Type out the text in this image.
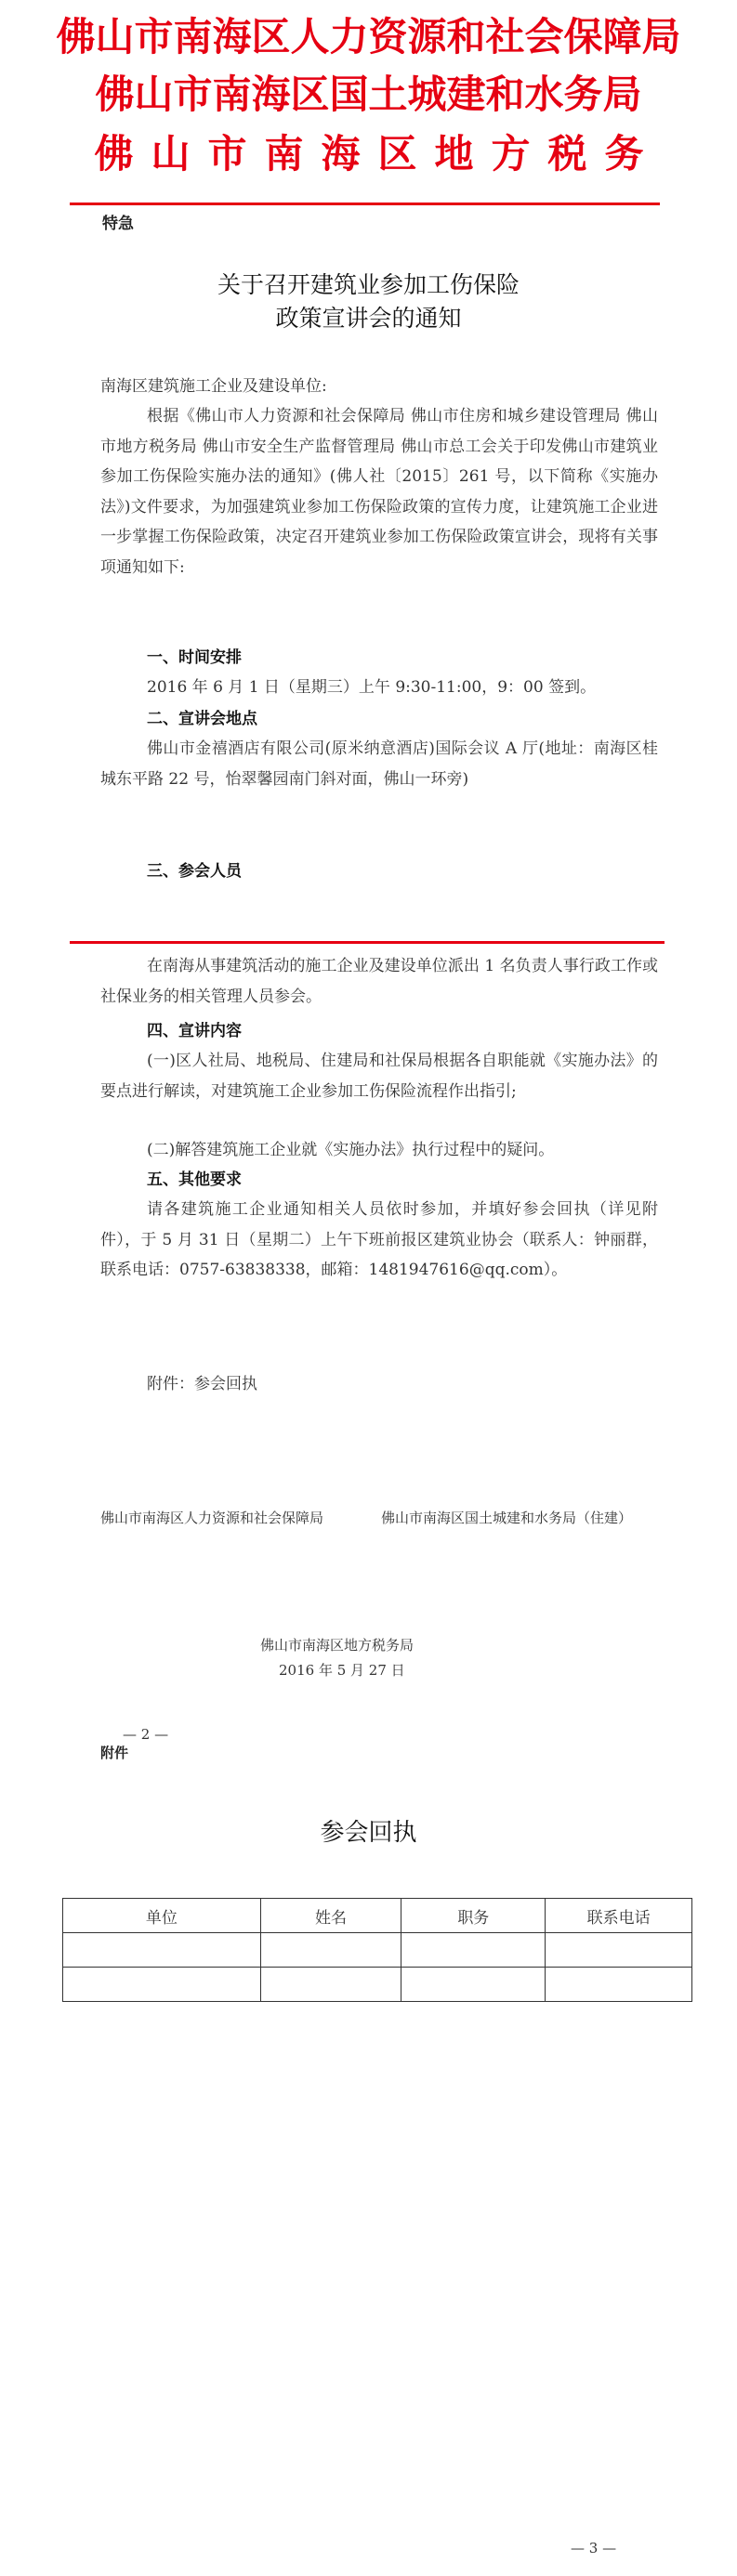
佛山市南海区人力资源和社会保障局
佛山市南海区国土城建和水务局
佛山市南海区地方税务
特急
关于召开建筑业参加工伤保险
政策宣讲会的通知
南海区建筑施工企业及建设单位:
根据《佛山市人力资源和社会保障局 佛山市住房和城乡建设管理局 佛山市地方税务局 佛山市安全生产监督管理局 佛山市总工会关于印发佛山市建筑业参加工伤保险实施办法的通知》(佛人社〔2015〕261 号，以下简称《实施办法》)文件要求，为加强建筑业参加工伤保险政策的宣传力度，让建筑施工企业进一步掌握工伤保险政策，决定召开建筑业参加工伤保险政策宣讲会，现将有关事项通知如下:
一、时间安排
2016 年 6 月 1 日（星期三）上午 9:30-11:00，9：00 签到。
二、宣讲会地点
佛山市金禧酒店有限公司(原米纳意酒店)国际会议 A 厅(地址：南海区桂城东平路 22 号，怡翠馨园南门斜对面，佛山一环旁)
三、参会人员
在南海从事建筑活动的施工企业及建设单位派出 1 名负责人事行政工作或社保业务的相关管理人员参会。
四、宣讲内容
(一)区人社局、地税局、住建局和社保局根据各自职能就《实施办法》的要点进行解读，对建筑施工企业参加工伤保险流程作出指引;
(二)解答建筑施工企业就《实施办法》执行过程中的疑问。
五、其他要求
请各建筑施工企业通知相关人员依时参加，并填好参会回执（详见附件），于 5 月 31 日（星期二）上午下班前报区建筑业协会（联系人：钟丽群，联系电话：0757-63838338，邮箱：1481947616@qq.com）。
附件：参会回执
佛山市南海区人力资源和社会保障局	佛山市南海区国土城建和水务局（住建）
佛山市南海区地方税务局
2016 年 5 月 27 日
— 2 —
附件
参会回执
单位	姓名	职务	联系电话

— 3 —
